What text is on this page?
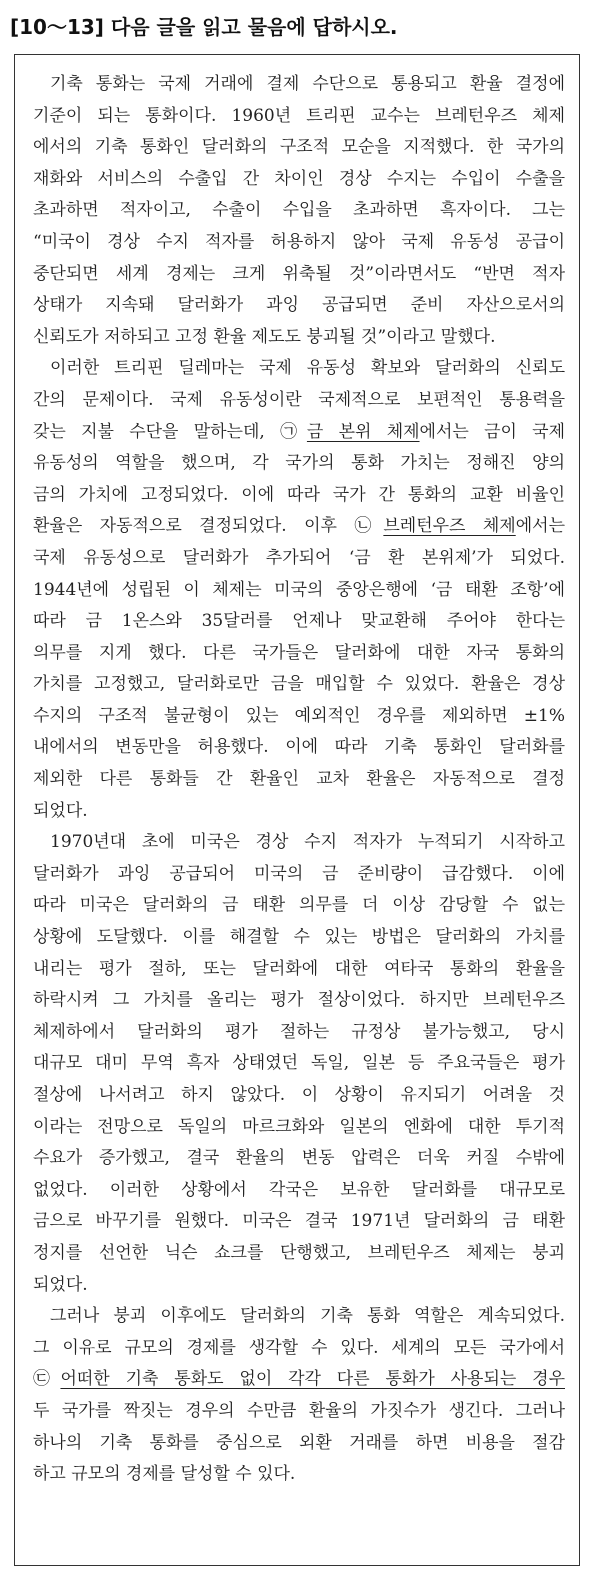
[10～13] 다음 글을 읽고 물음에 답하시오.
기축 통화는 국제 거래에 결제 수단으로 통용되고 환율 결정에
기준이 되는 통화이다. 1960년 트리핀 교수는 브레턴우즈 체제
에서의 기축 통화인 달러화의 구조적 모순을 지적했다. 한 국가의
재화와 서비스의 수출입 간 차이인 경상 수지는 수입이 수출을
초과하면 적자이고, 수출이 수입을 초과하면 흑자이다. 그는
“미국이 경상 수지 적자를 허용하지 않아 국제 유동성 공급이
중단되면 세계 경제는 크게 위축될 것”이라면서도 “반면 적자
상태가 지속돼 달러화가 과잉 공급되면 준비 자산으로서의
신뢰도가 저하되고 고정 환율 제도도 붕괴될 것”이라고 말했다.
이러한 트리핀 딜레마는 국제 유동성 확보와 달러화의 신뢰도
간의 문제이다. 국제 유동성이란 국제적으로 보편적인 통용력을
갖는 지불 수단을 말하는데, ㉠금 본위 체제에서는 금이 국제
유동성의 역할을 했으며, 각 국가의 통화 가치는 정해진 양의
금의 가치에 고정되었다. 이에 따라 국가 간 통화의 교환 비율인
환율은 자동적으로 결정되었다. 이후 ㉡브레턴우즈 체제에서는
국제 유동성으로 달러화가 추가되어 ‘금 환 본위제’가 되었다.
1944년에 성립된 이 체제는 미국의 중앙은행에 ‘금 태환 조항’에
따라 금 1온스와 35달러를 언제나 맞교환해 주어야 한다는
의무를 지게 했다. 다른 국가들은 달러화에 대한 자국 통화의
가치를 고정했고, 달러화로만 금을 매입할 수 있었다. 환율은 경상
수지의 구조적 불균형이 있는 예외적인 경우를 제외하면 ±1%
내에서의 변동만을 허용했다. 이에 따라 기축 통화인 달러화를
제외한 다른 통화들 간 환율인 교차 환율은 자동적으로 결정
되었다.
1970년대 초에 미국은 경상 수지 적자가 누적되기 시작하고
달러화가 과잉 공급되어 미국의 금 준비량이 급감했다. 이에
따라 미국은 달러화의 금 태환 의무를 더 이상 감당할 수 없는
상황에 도달했다. 이를 해결할 수 있는 방법은 달러화의 가치를
내리는 평가 절하, 또는 달러화에 대한 여타국 통화의 환율을
하락시켜 그 가치를 올리는 평가 절상이었다. 하지만 브레턴우즈
체제하에서 달러화의 평가 절하는 규정상 불가능했고, 당시
대규모 대미 무역 흑자 상태였던 독일, 일본 등 주요국들은 평가
절상에 나서려고 하지 않았다. 이 상황이 유지되기 어려울 것
이라는 전망으로 독일의 마르크화와 일본의 엔화에 대한 투기적
수요가 증가했고, 결국 환율의 변동 압력은 더욱 커질 수밖에
없었다. 이러한 상황에서 각국은 보유한 달러화를 대규모로
금으로 바꾸기를 원했다. 미국은 결국 1971년 달러화의 금 태환
정지를 선언한 닉슨 쇼크를 단행했고, 브레턴우즈 체제는 붕괴
되었다.
그러나 붕괴 이후에도 달러화의 기축 통화 역할은 계속되었다.
그 이유로 규모의 경제를 생각할 수 있다. 세계의 모든 국가에서
㉢어떠한 기축 통화도 없이 각각 다른 통화가 사용되는 경우
두 국가를 짝짓는 경우의 수만큼 환율의 가짓수가 생긴다. 그러나
하나의 기축 통화를 중심으로 외환 거래를 하면 비용을 절감
하고 규모의 경제를 달성할 수 있다.
